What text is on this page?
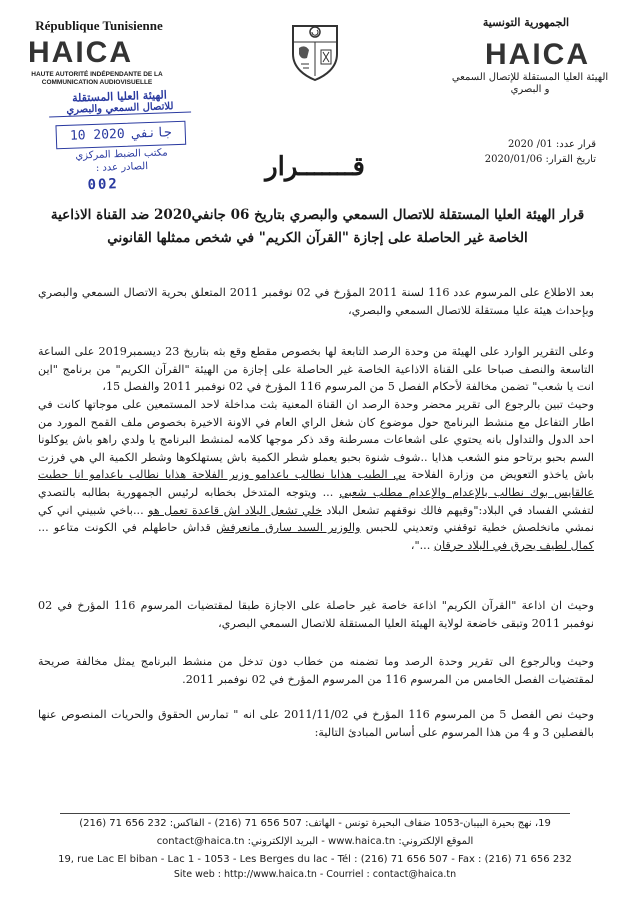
République Tunisienne
HAICA
HAUTE AUTORITÉ INDÉPENDANTE DE LA COMMUNICATION AUDIOVISUELLE
الجمهورية التونسية
HAICA
الهيئة العليا المستقلة للإتصال السمعي و البصري
الهيئة العليا المستقلة
للاتصال السمعي والبصري
10 جانفي 2020
مكتب الضبط المركزي
الصادر عدد :
002
قرار عدد: 01/ 2020
تاريخ القرار: 2020/01/06
قـــــــرار
قرار الهيئة العليا المستقلة للاتصال السمعي والبصري بتاريخ 06 جانفي2020 ضد القناة الاذاعية الخاصة غير الحاصلة على إجازة "القرآن الكريم" في شخص ممثلها القانوني

بعد الاطلاع على المرسوم عدد 116 لسنة 2011 المؤرخ في 02 نوفمبر 2011 المتعلق بحرية الاتصال السمعي والبصري وبإحداث هيئة عليا مستقلة للاتصال السمعي والبصري،

وعلى التقرير الوارد على الهيئة من وحدة الرصد التابعة لها بخصوص مقطع وقع بثه بتاريخ 23 ديسمبر2019 على الساعة التاسعة والنصف صباحا على القناة الاذاعية الخاصة غير الحاصلة على إجازة من الهيئة "القرآن الكريم" من برنامج "اين انت يا شعب" تضمن مخالفة لأحكام الفصل 5 من المرسوم 116 المؤرخ في 02 نوفمبر 2011 والفصل 15،

وحيث تبين بالرجوع الى تقرير محضر وحدة الرصد ان القناة المعنية بثت مداخلة لاحد المستمعين على موجاتها كانت في اطار التفاعل مع منشط البرنامج حول موضوع كان شغل الراي العام في الاونة الاخيرة بخصوص ملف القمح المورد من احد الدول والتداول بانه يحتوي على اشعاعات مسرطنة وقد ذكر موجها كلامه لمنشط البرنامج يا ولدي راهو باش يوكلونا السم بحبو برتاحو منو الشعب هذايا ..شوف شنوة بحبو يعملو شطر الكمية باش يستهلكوها وشطر الكمية الي هي فرزت باش ياخذو التعويض من وزارة الفلاحة بي الطيب هذايا نطالب باعدامو وزير الفلاحة هذايا نطالب باعدامو انا حطيت عالقايس بوك نطالب بالإعدام والإعدام مطلب شعبي ... ويتوجه المتدخل بخطابه لرئيس الجمهورية بطالبه بالتصدي لتفشي الفساد في البلاد:"وقيهم فالك نوقفهم تشعل البلاد خلي تشعل البلاد اش قاعدة تعمل هو ...باخي شبيني اني كي نمشي مانخلصش خطية توقفني وتعديني للحبس والوزير السيد سارق مانعرفش قداش حاطهلم في الكونت متاعو ... كمال لطيف يحرق في البلاد حرقان ..."،

وحيث ان اذاعة "القرآن الكريم" اذاعة خاصة غير حاصلة على الاجازة طبقا لمقتضيات المرسوم 116 المؤرخ في 02 نوفمبر 2011 وتبقى خاضعة لولاية الهيئة العليا المستقلة للاتصال السمعي البصري،

وحيث وبالرجوع الى تقرير وحدة الرصد وما تضمنه من خطاب دون تدخل من منشط البرنامج يمثل مخالفة صريحة لمقتضيات الفصل الخامس من المرسوم 116 من المرسوم المؤرخ في 02 نوفمبر 2011.

وحيث نص الفصل 5 من المرسوم 116 المؤرخ في 2011/11/02 على انه " تمارس الحقوق والحريات المنصوص عنها بالفصلين 3 و 4 من هذا المرسوم على أساس المبادئ التالية:

19، نهج بحيرة البيبان-1053 ضفاف البحيرة تونس - الهاتف: 507 656 71 (216) - الفاكس: 232 656 71 (216)
الموقع الإلكتروني: www.haica.tn - البريد الإلكتروني: contact@haica.tn
19, rue Lac El biban - Lac 1 - 1053 - Les Berges du lac - Tél : (216) 71 656 507 - Fax : (216) 71 656 232
Site web : http://www.haica.tn - Courriel : contact@haica.tn
